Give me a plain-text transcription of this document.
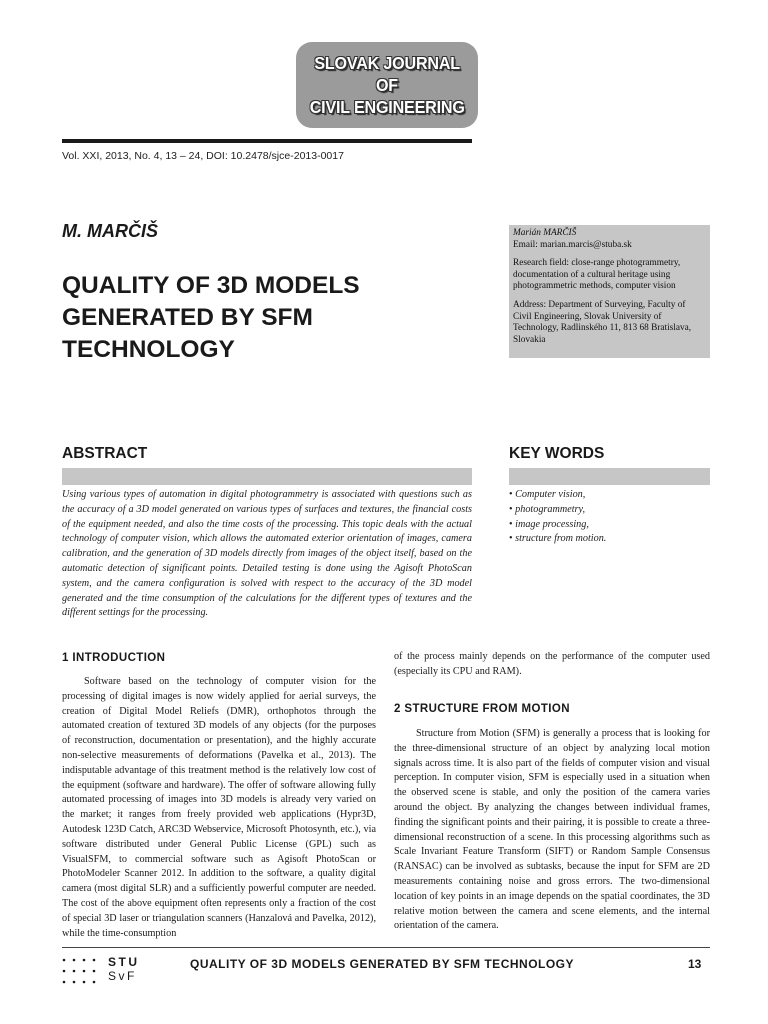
SLOVAK JOURNAL
OF
CIVIL ENGINEERING
Vol. XXI, 2013, No. 4, 13 – 24, DOI: 10.2478/sjce-2013-0017
M. MARČIŠ
QUALITY OF 3D MODELS
GENERATED BY SFM
TECHNOLOGY

Marián MARČIŠ
Email: marian.marcis@stuba.sk

Research field: close-range photogrammetry, documentation of a cultural heritage using photogrammetric methods, computer vision

Address: Department of Surveying, Faculty of Civil Engineering, Slovak University of Technology, Radlinského 11, 813 68 Bratislava, Slovakia

ABSTRACT	KEY WORDS
Using various types of automation in digital photogrammetry is associated with questions such as the accuracy of a 3D model generated on various types of surfaces and textures, the financial costs of the equipment needed, and also the time costs of the processing. This topic deals with the actual technology of computer vision, which allows the automated exterior orientation of images, camera calibration, and the generation of 3D models directly from images of the object itself, based on the automatic detection of significant points. Detailed testing is done using the Agisoft PhotoScan system, and the camera configuration is solved with respect to the accuracy of the 3D model generated and the time consumption of the calculations for the different types of textures and the different settings for the processing.
• Computer vision,
• photogrammetry,
• image processing,
• structure from motion.
1 INTRODUCTION

Software based on the technology of computer vision for the processing of digital images is now widely applied for aerial surveys, the creation of Digital Model Reliefs (DMR), orthophotos through the automated creation of textured 3D models of any objects (for the purposes of reconstruction, documentation or presentation), and the highly accurate non-selective measurements of deformations (Pavelka et al., 2013). The indisputable advantage of this treatment method is the relatively low cost of the equipment (software and hardware). The offer of software allowing fully automated processing of images into 3D models is already very varied on the market; it ranges from freely provided web applications (Hypr3D, Autodesk 123D Catch, ARC3D Webservice, Microsoft Photosynth, etc.), via software distributed under General Public License (GPL) such as VisualSFM, to commercial software such as Agisoft PhotoScan or PhotoModeler Scanner 2012. In addition to the software, a quality digital camera (most digital SLR) and a sufficiently powerful computer are needed. The cost of the above equipment often represents only a fraction of the cost of special 3D laser or triangulation scanners (Hanzalová and Pavelka, 2012), while the time-consumption

of the process mainly depends on the performance of the computer used (especially its CPU and RAM).

2 STRUCTURE FROM MOTION

Structure from Motion (SFM) is generally a process that is looking for the three-dimensional structure of an object by analyzing local motion signals across time. It is also part of the fields of computer vision and visual perception. In computer vision, SFM is especially used in a situation when the observed scene is stable, and only the position of the camera varies around the object. By analyzing the changes between individual frames, finding the significant points and their pairing, it is possible to create a three-dimensional reconstruction of a scene. In this processing algorithms such as Scale Invariant Feature Transform (SIFT) or Random Sample Consensus (RANSAC) can be involved as subtasks, because the input for SFM are 2D measurements containing noise and gross errors. The two-dimensional location of key points in an image depends on the spatial coordinates, the 3D relative motion between the camera and scene elements, and the internal orientation of the camera.

STU
SvF
QUALITY OF 3D MODELS GENERATED BY SFM TECHNOLOGY	13
